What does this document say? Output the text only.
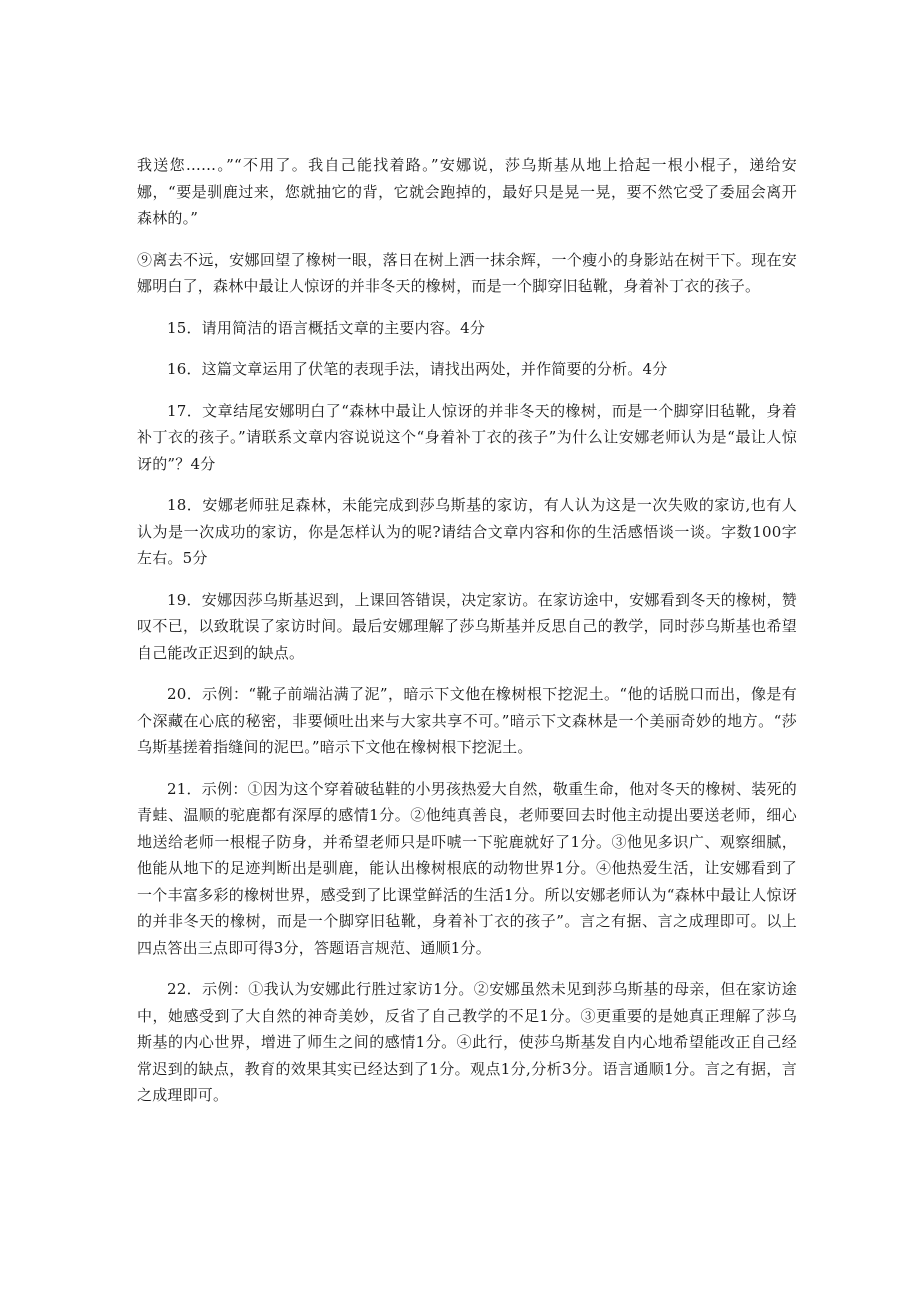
我送您……。”“不用了。我自己能找着路。”安娜说，莎乌斯基从地上拾起一根小棍子，递给安娜，“要是驯鹿过来，您就抽它的背，它就会跑掉的，最好只是晃一晃，要不然它受了委屈会离开森林的。”

⑨离去不远，安娜回望了橡树一眼，落日在树上洒一抹余辉，一个瘦小的身影站在树干下。现在安娜明白了，森林中最让人惊讶的并非冬天的橡树，而是一个脚穿旧毡靴，身着补丁衣的孩子。

15．请用简洁的语言概括文章的主要内容。4分

16．这篇文章运用了伏笔的表现手法，请找出两处，并作简要的分析。4分

17．文章结尾安娜明白了“森林中最让人惊讶的并非冬天的橡树，而是一个脚穿旧毡靴，身着补丁衣的孩子。”请联系文章内容说说这个“身着补丁衣的孩子”为什么让安娜老师认为是“最让人惊讶的”？4分

18．安娜老师驻足森林，未能完成到莎乌斯基的家访，有人认为这是一次失败的家访,也有人认为是一次成功的家访，你是怎样认为的呢?请结合文章内容和你的生活感悟谈一谈。字数100字左右。5分

19．安娜因莎乌斯基迟到，上课回答错误，决定家访。在家访途中，安娜看到冬天的橡树，赞叹不已，以致耽误了家访时间。最后安娜理解了莎乌斯基并反思自己的教学，同时莎乌斯基也希望自己能改正迟到的缺点。

20．示例：“靴子前端沾满了泥”，暗示下文他在橡树根下挖泥土。“他的话脱口而出，像是有个深藏在心底的秘密，非要倾吐出来与大家共享不可。”暗示下文森林是一个美丽奇妙的地方。“莎乌斯基搓着指缝间的泥巴。”暗示下文他在橡树根下挖泥土。

21．示例：①因为这个穿着破毡鞋的小男孩热爱大自然，敬重生命，他对冬天的橡树、装死的青蛙、温顺的驼鹿都有深厚的感情1分。②他纯真善良，老师要回去时他主动提出要送老师，细心地送给老师一根棍子防身，并希望老师只是吓唬一下驼鹿就好了1分。③他见多识广、观察细腻，他能从地下的足迹判断出是驯鹿，能认出橡树根底的动物世界1分。④他热爱生活，让安娜看到了一个丰富多彩的橡树世界，感受到了比课堂鲜活的生活1分。所以安娜老师认为“森林中最让人惊讶的并非冬天的橡树，而是一个脚穿旧毡靴，身着补丁衣的孩子”。言之有据、言之成理即可。以上四点答出三点即可得3分，答题语言规范、通顺1分。

22．示例：①我认为安娜此行胜过家访1分。②安娜虽然未见到莎乌斯基的母亲，但在家访途中，她感受到了大自然的神奇美妙，反省了自己教学的不足1分。③更重要的是她真正理解了莎乌斯基的内心世界，增进了师生之间的感情1分。④此行，使莎乌斯基发自内心地希望能改正自己经常迟到的缺点，教育的效果其实已经达到了1分。观点1分,分析3分。语言通顺1分。言之有据，言之成理即可。
